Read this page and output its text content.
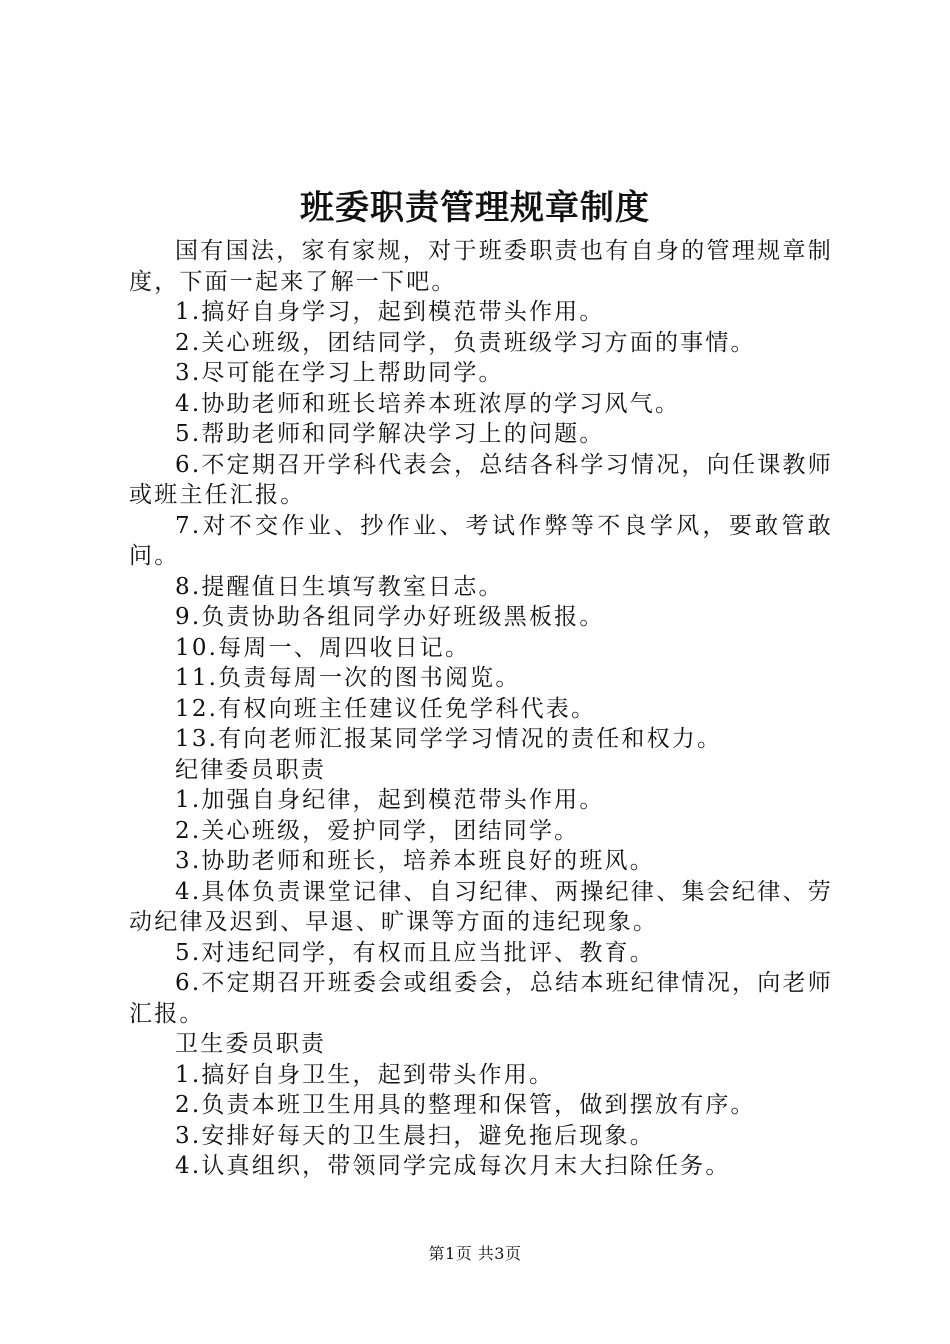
班委职责管理规章制度

国有国法，家有家规，对于班委职责也有自身的管理规章制度，下面一起来了解一下吧。

1.搞好自身学习，起到模范带头作用。

2.关心班级，团结同学，负责班级学习方面的事情。

3.尽可能在学习上帮助同学。

4.协助老师和班长培养本班浓厚的学习风气。

5.帮助老师和同学解决学习上的问题。

6.不定期召开学科代表会，总结各科学习情况，向任课教师或班主任汇报。

7.对不交作业、抄作业、考试作弊等不良学风，要敢管敢问。

8.提醒值日生填写教室日志。

9.负责协助各组同学办好班级黑板报。

10.每周一、周四收日记。

11.负责每周一次的图书阅览。

12.有权向班主任建议任免学科代表。

13.有向老师汇报某同学学习情况的责任和权力。

纪律委员职责

1.加强自身纪律，起到模范带头作用。

2.关心班级，爱护同学，团结同学。

3.协助老师和班长，培养本班良好的班风。

4.具体负责课堂记律、自习纪律、两操纪律、集会纪律、劳动纪律及迟到、早退、旷课等方面的违纪现象。

5.对违纪同学，有权而且应当批评、教育。

6.不定期召开班委会或组委会，总结本班纪律情况，向老师汇报。

卫生委员职责

1.搞好自身卫生，起到带头作用。

2.负责本班卫生用具的整理和保管，做到摆放有序。

3.安排好每天的卫生晨扫，避免拖后现象。

4.认真组织，带领同学完成每次月末大扫除任务。

第1页 共3页
